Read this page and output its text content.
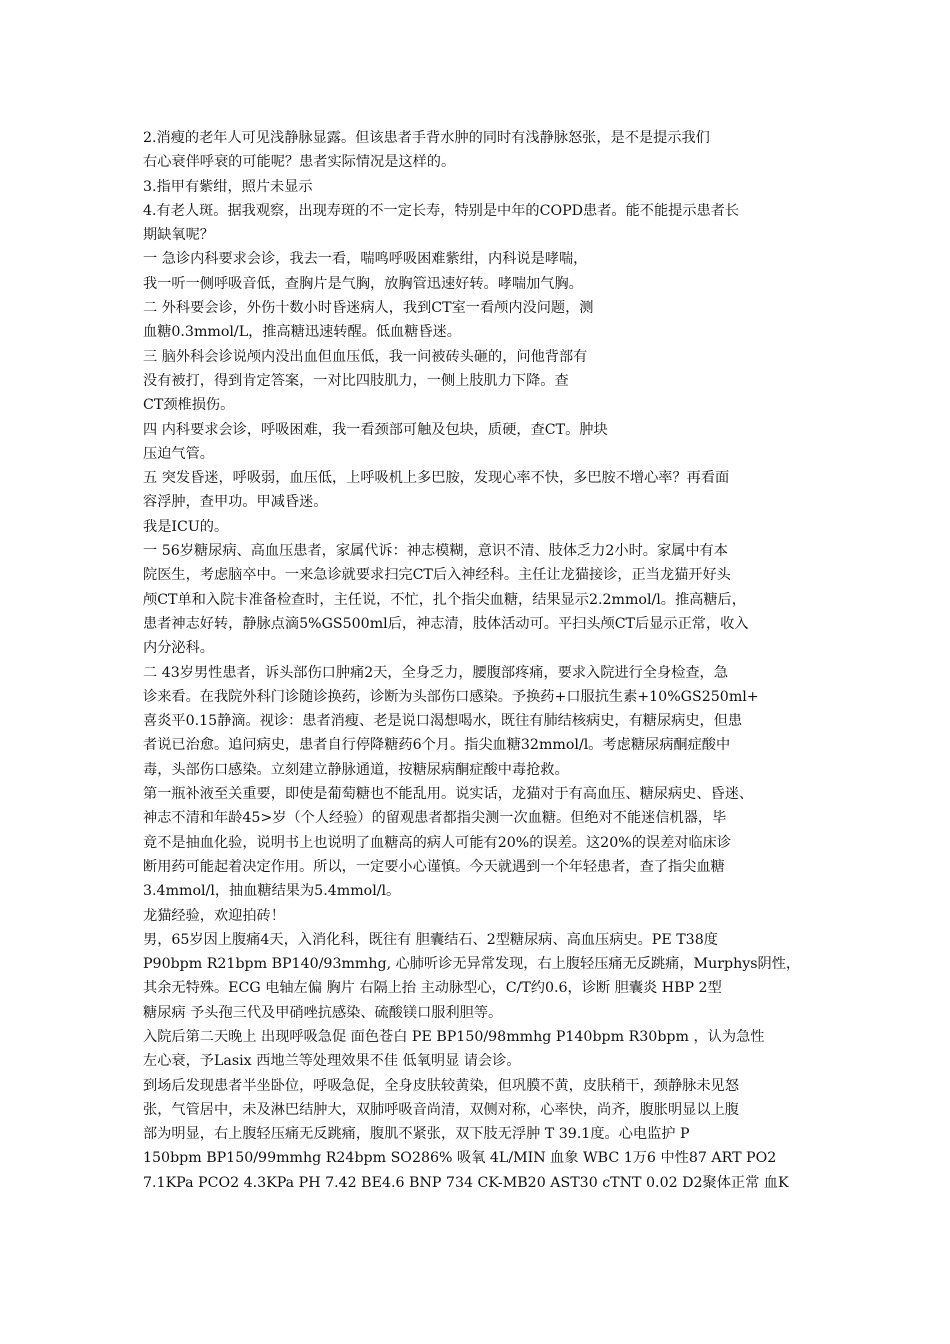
2.消瘦的老年人可见浅静脉显露。但该患者手背水肿的同时有浅静脉怒张，是不是提示我们
右心衰伴呼衰的可能呢？患者实际情况是这样的。
3.指甲有紫绀，照片未显示
4.有老人斑。据我观察，出现寿斑的不一定长寿，特别是中年的COPD患者。能不能提示患者长
期缺氧呢？
一 急诊内科要求会诊，我去一看，喘鸣呼吸困难紫绀，内科说是哮喘，
我一听一侧呼吸音低，查胸片是气胸，放胸管迅速好转。哮喘加气胸。
二 外科要会诊，外伤十数小时昏迷病人，我到CT室一看颅内没问题，测
血糖0.3mmol/L，推高糖迅速转醒。低血糖昏迷。
三 脑外科会诊说颅内没出血但血压低，我一问被砖头砸的，问他背部有
没有被打，得到肯定答案，一对比四肢肌力，一侧上肢肌力下降。查
CT颈椎损伤。
四 内科要求会诊，呼吸困难，我一看颈部可触及包块，质硬，查CT。肿块
压迫气管。
五 突发昏迷，呼吸弱，血压低，上呼吸机上多巴胺，发现心率不快，多巴胺不增心率？再看面
容浮肿，查甲功。甲减昏迷。
我是ICU的。
一 56岁糖尿病、高血压患者，家属代诉：神志模糊，意识不清、肢体乏力2小时。家属中有本
院医生，考虑脑卒中。一来急诊就要求扫完CT后入神经科。主任让龙猫接诊，正当龙猫开好头
颅CT单和入院卡准备检查时，主任说，不忙，扎个指尖血糖，结果显示2.2mmol/l。推高糖后，
患者神志好转，静脉点滴5%GS500ml后，神志清，肢体活动可。平扫头颅CT后显示正常，收入
内分泌科。
二 43岁男性患者，诉头部伤口肿痛2天，全身乏力，腰腹部疼痛，要求入院进行全身检查，急
诊来看。在我院外科门诊随诊换药，诊断为头部伤口感染。予换药+口服抗生素+10%GS250ml+
喜炎平0.15静滴。视诊：患者消瘦、老是说口渴想喝水，既往有肺结核病史，有糖尿病史，但患
者说已治愈。追问病史，患者自行停降糖药6个月。指尖血糖32mmol/l。考虑糖尿病酮症酸中
毒，头部伤口感染。立刻建立静脉通道，按糖尿病酮症酸中毒抢救。
第一瓶补液至关重要，即使是葡萄糖也不能乱用。说实话，龙猫对于有高血压、糖尿病史、昏迷、
神志不清和年龄45>岁（个人经验）的留观患者都指尖测一次血糖。但绝对不能迷信机器，毕
竟不是抽血化验，说明书上也说明了血糖高的病人可能有20%的误差。这20%的误差对临床诊
断用药可能起着决定作用。所以，一定要小心谨慎。今天就遇到一个年轻患者，查了指尖血糖
3.4mmol/l，抽血糖结果为5.4mmol/l。
龙猫经验，欢迎拍砖！
男，65岁因上腹痛4天，入消化科，既往有 胆囊结石、2型糖尿病、高血压病史。PE T38度
P90bpm R21bpm BP140/93mmhg, 心肺听诊无异常发现，右上腹轻压痛无反跳痛，Murphys阴性，
其余无特殊。ECG 电轴左偏 胸片 右隔上抬 主动脉型心，C/T约0.6，诊断 胆囊炎 HBP 2型
糖尿病 予头孢三代及甲硝唑抗感染、硫酸镁口服利胆等。
入院后第二天晚上 出现呼吸急促 面色苍白 PE BP150/98mmhg P140bpm R30bpm ，认为急性
左心衰，予Lasix 西地兰等处理效果不佳 低氧明显 请会诊。
到场后发现患者半坐卧位，呼吸急促，全身皮肤较黄染，但巩膜不黄，皮肤稍干，颈静脉未见怒
张，气管居中，未及淋巴结肿大，双肺呼吸音尚清，双侧对称，心率快，尚齐，腹胀明显以上腹
部为明显，右上腹轻压痛无反跳痛，腹肌不紧张，双下肢无浮肿 T 39.1度。心电监护 P
150bpm BP150/99mmhg R24bpm SO286% 吸氧 4L/MIN 血象 WBC 1万6 中性87 ART PO2
7.1KPa PCO2 4.3KPa PH 7.42 BE4.6 BNP 734 CK-MB20 AST30 cTNT 0.02 D2聚体正常 血K
